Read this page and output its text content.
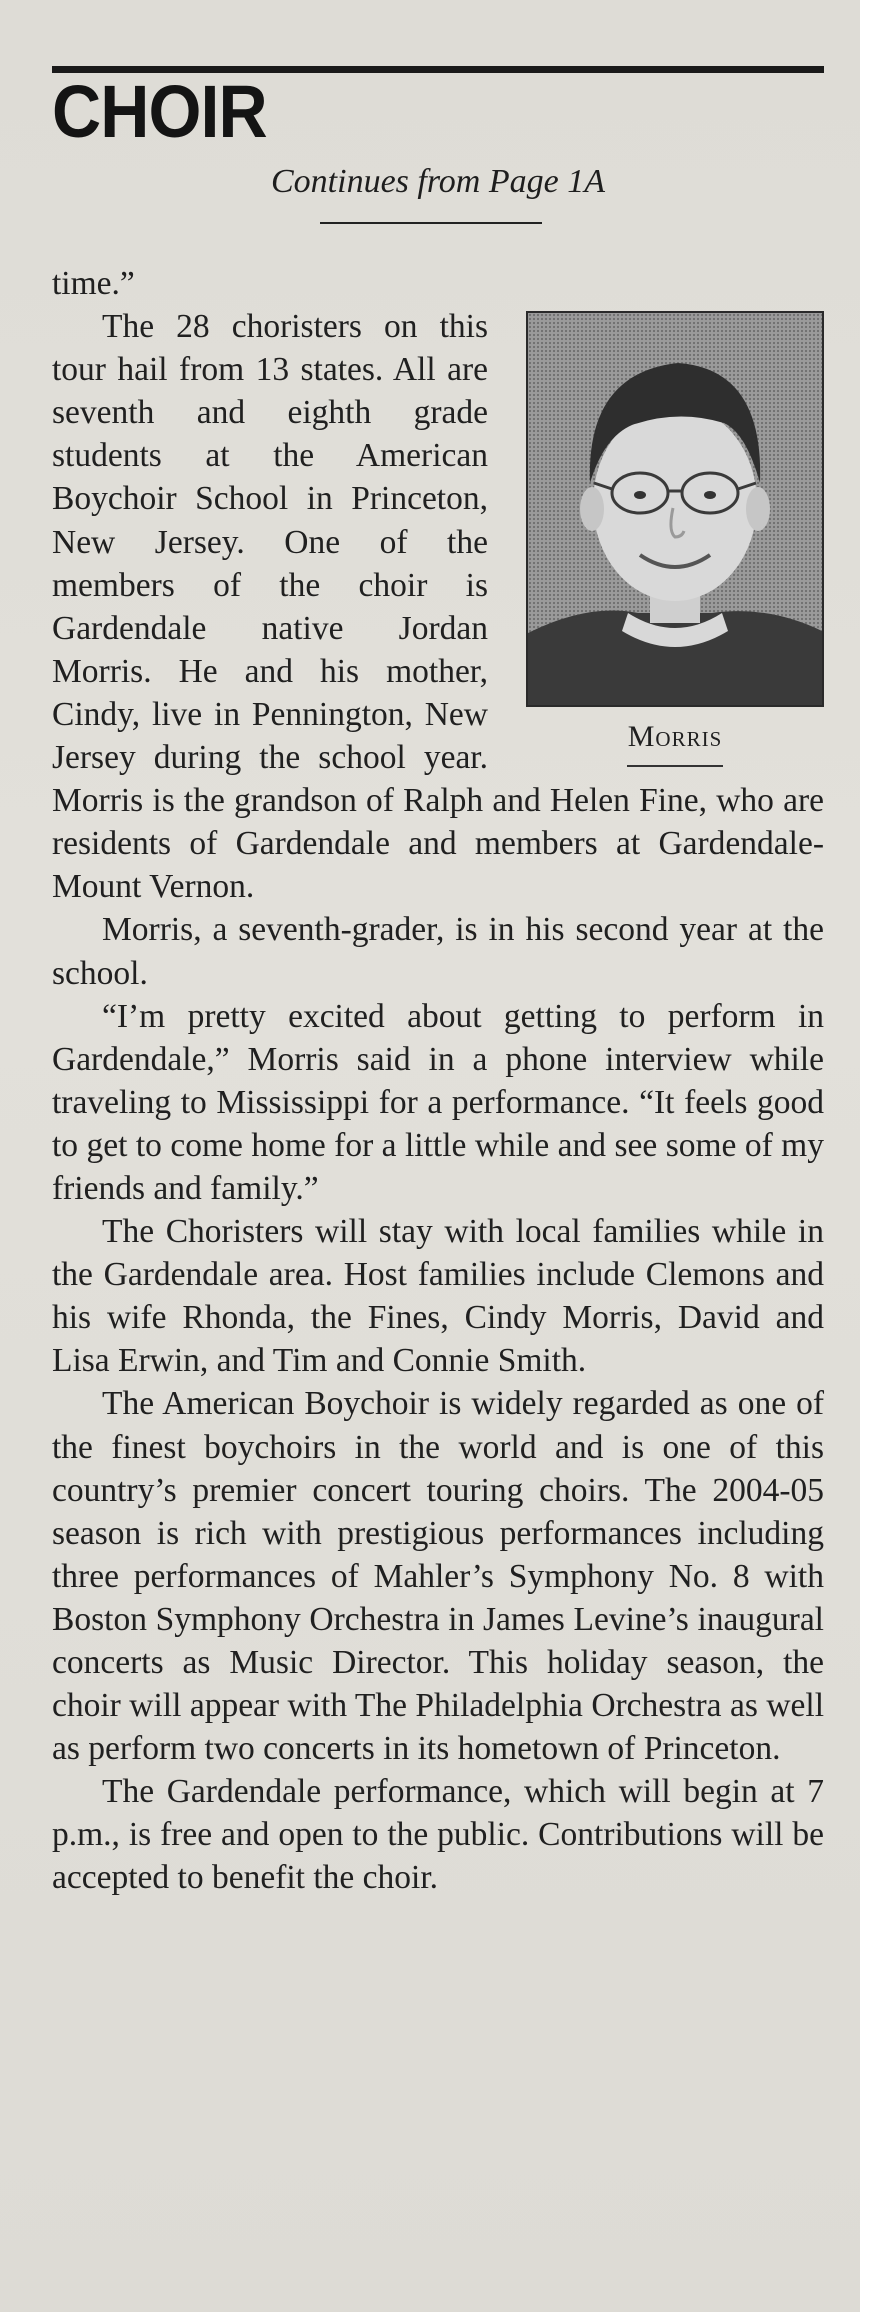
CHOIR
Continues from Page 1A

time.”

Morris

The 28 choristers on this tour hail from 13 states. All are seventh and eighth grade students at the American Boychoir School in Princeton, New Jersey. One of the members of the choir is Gardendale native Jordan Morris. He and his mother, Cindy, live in Pennington, New Jersey during the school year. Morris is the grandson of Ralph and Helen Fine, who are residents of Gardendale and members at Gardendale-Mount Vernon.

Morris, a seventh-grader, is in his second year at the school.

“I’m pretty excited about getting to perform in Gardendale,” Morris said in a phone interview while traveling to Mississippi for a performance. “It feels good to get to come home for a little while and see some of my friends and family.”

The Choristers will stay with local families while in the Gardendale area. Host families include Clemons and his wife Rhonda, the Fines, Cindy Morris, David and Lisa Erwin, and Tim and Connie Smith.

The American Boychoir is widely regarded as one of the finest boychoirs in the world and is one of this country’s premier concert touring choirs. The 2004-05 season is rich with prestigious performances including three performances of Mahler’s Symphony No. 8 with Boston Symphony Orchestra in James Levine’s inaugural concerts as Music Director. This holiday season, the choir will appear with The Philadelphia Orchestra as well as perform two concerts in its hometown of Princeton.

The Gardendale performance, which will begin at 7 p.m., is free and open to the public. Contributions will be accepted to benefit the choir.
